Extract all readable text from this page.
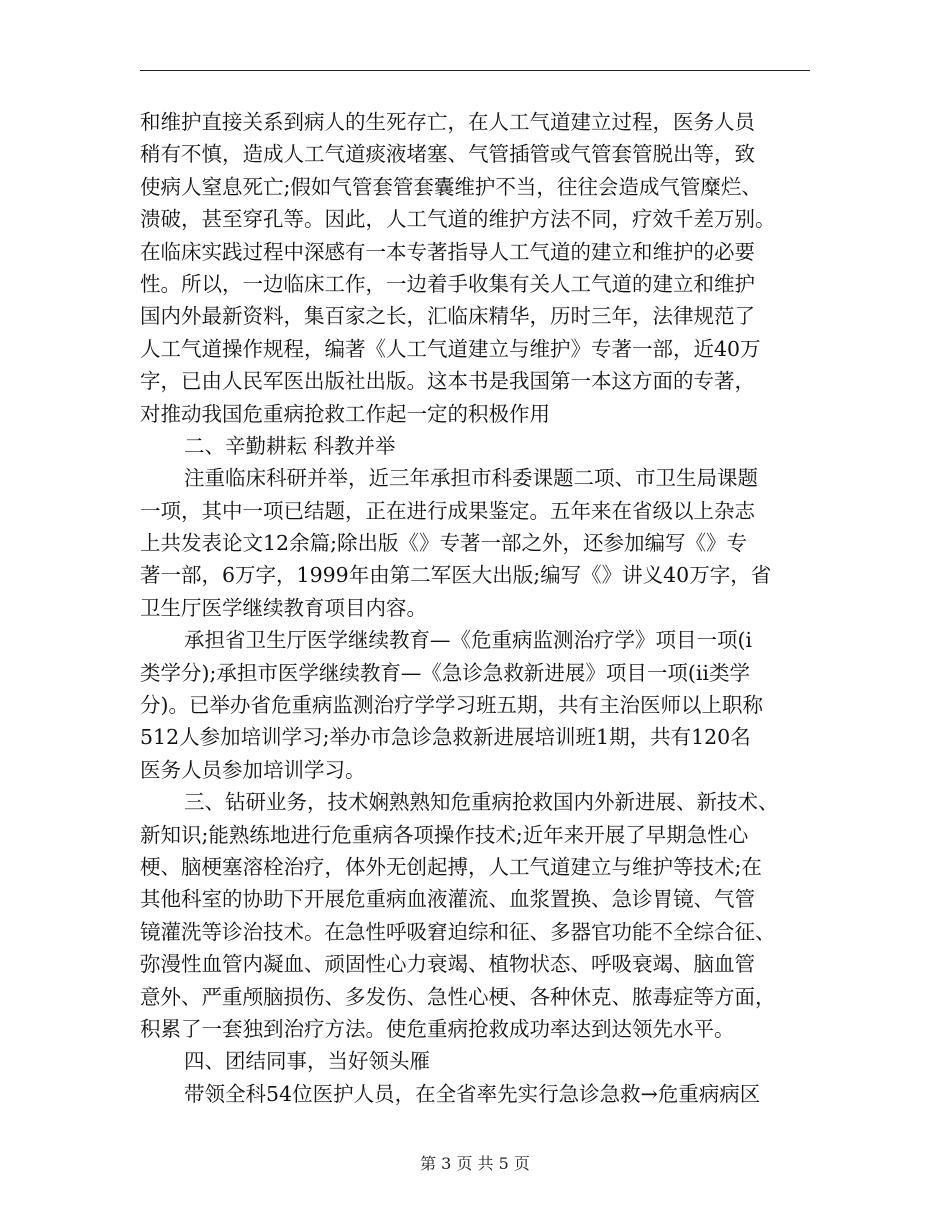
和维护直接关系到病人的生死存亡，在人工气道建立过程，医务人员
稍有不慎，造成人工气道痰液堵塞、气管插管或气管套管脱出等，致
使病人窒息死亡;假如气管套管套囊维护不当，往往会造成气管糜烂、
溃破，甚至穿孔等。因此，人工气道的维护方法不同，疗效千差万别。
在临床实践过程中深感有一本专著指导人工气道的建立和维护的必要
性。所以，一边临床工作，一边着手收集有关人工气道的建立和维护
国内外最新资料，集百家之长，汇临床精华，历时三年，法律规范了
人工气道操作规程，编著《人工气道建立与维护》专著一部，近40万
字，已由人民军医出版社出版。这本书是我国第一本这方面的专著，
对推动我国危重病抢救工作起一定的积极作用
二、辛勤耕耘 科教并举
注重临床科研并举，近三年承担市科委课题二项、市卫生局课题
一项，其中一项已结题，正在进行成果鉴定。五年来在省级以上杂志
上共发表论文12余篇;除出版《》专著一部之外，还参加编写《》专
著一部，6万字，1999年由第二军医大出版;编写《》讲义40万字，省
卫生厅医学继续教育项目内容。
承担省卫生厅医学继续教育—《危重病监测治疗学》项目一项(ⅰ
类学分);承担市医学继续教育—《急诊急救新进展》项目一项(ⅱ类学
分)。已举办省危重病监测治疗学学习班五期，共有主治医师以上职称
512人参加培训学习;举办市急诊急救新进展培训班1期，共有120名
医务人员参加培训学习。
三、钻研业务，技术娴熟熟知危重病抢救国内外新进展、新技术、
新知识;能熟练地进行危重病各项操作技术;近年来开展了早期急性心
梗、脑梗塞溶栓治疗，体外无创起搏，人工气道建立与维护等技术;在
其他科室的协助下开展危重病血液灌流、血浆置换、急诊胃镜、气管
镜灌洗等诊治技术。在急性呼吸窘迫综和征、多器官功能不全综合征、
弥漫性血管内凝血、顽固性心力衰竭、植物状态、呼吸衰竭、脑血管
意外、严重颅脑损伤、多发伤、急性心梗、各种休克、脓毒症等方面，
积累了一套独到治疗方法。使危重病抢救成功率达到达领先水平。
四、团结同事，当好领头雁
带领全科54位医护人员，在全省率先实行急诊急救→危重病病区
第 3 页 共 5 页
